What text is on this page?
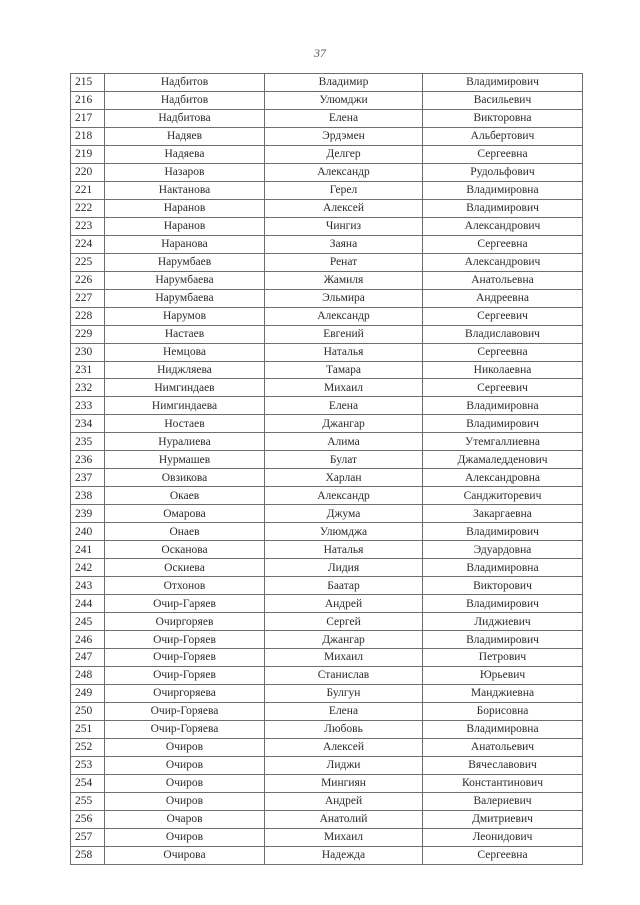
37
215	Надбитов	Владимир	Владимирович
216	Надбитов	Улюмджи	Васильевич
217	Надбитова	Елена	Викторовна
218	Надяев	Эрдэмен	Альбертович
219	Надяева	Делгер	Сергеевна
220	Назаров	Александр	Рудольфович
221	Нактанова	Герел	Владимировна
222	Наранов	Алексей	Владимирович
223	Наранов	Чингиз	Александрович
224	Наранова	Заяна	Сергеевна
225	Нарумбаев	Ренат	Александрович
226	Нарумбаева	Жамиля	Анатольевна
227	Нарумбаева	Эльмира	Андреевна
228	Нарумов	Александр	Сергеевич
229	Настаев	Евгений	Владиславович
230	Немцова	Наталья	Сергеевна
231	Ниджляева	Тамара	Николаевна
232	Нимгиндаев	Михаил	Сергеевич
233	Нимгиндаева	Елена	Владимировна
234	Ностаев	Джангар	Владимирович
235	Нуралиева	Алима	Утемгаллиевна
236	Нурмашев	Булат	Джамаледденович
237	Овзикова	Харлан	Александровна
238	Окаев	Александр	Санджиторевич
239	Омарова	Джума	Закаргаевна
240	Онаев	Улюмджа	Владимирович
241	Осканова	Наталья	Эдуардовна
242	Оскиева	Лидия	Владимировна
243	Отхонов	Баатар	Викторович
244	Очир-Гаряев	Андрей	Владимирович
245	Очиргоряев	Сергей	Лиджиевич
246	Очир-Горяев	Джангар	Владимирович
247	Очир-Горяев	Михаил	Петрович
248	Очир-Горяев	Станислав	Юрьевич
249	Очиргоряева	Булгун	Манджиевна
250	Очир-Горяева	Елена	Борисовна
251	Очир-Горяева	Любовь	Владимировна
252	Очиров	Алексей	Анатольевич
253	Очиров	Лиджи	Вячеславович
254	Очиров	Мингиян	Константинович
255	Очиров	Андрей	Валериевич
256	Очаров	Анатолий	Дмитриевич
257	Очиров	Михаил	Леонидович
258	Очирова	Надежда	Сергеевна
